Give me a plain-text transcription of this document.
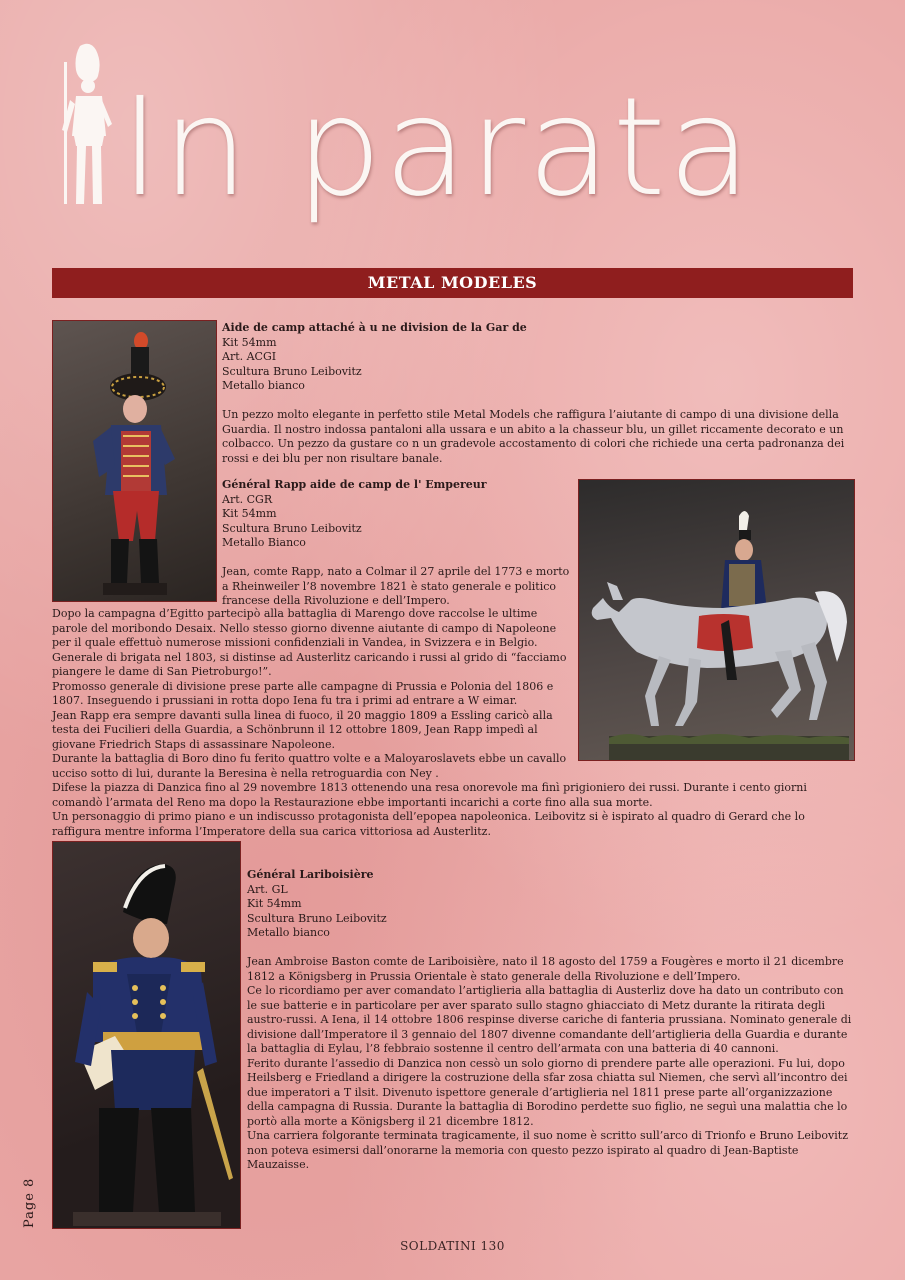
In parata
METAL MODELES

Aide de camp attaché à u ne division de la Gar de

Kit 54mm

Art. ACGI

Scultura Bruno Leibovitz

Metallo bianco

Un pezzo molto elegante in perfetto stile Metal Models che raffigura l’aiutante di campo di una divisione della Guardia. Il nostro indossa pantaloni alla ussara e un abito a la chasseur blu, un gillet riccamente decorato e un colbacco. Un pezzo da gustare co n un gradevole accostamento di colori che richiede una certa padronanza dei rossi e dei blu per non risultare banale.

Général Rapp aide de camp de l' Empereur

Art. CGR

Kit 54mm

Scultura Bruno Leibovitz

Metallo Bianco

Jean, comte Rapp, nato a Colmar il 27 aprile del 1773 e morto a Rheinweiler l’8 novembre 1821 è stato generale e politico francese della Rivoluzione e dell’Impero.

Dopo la campagna d’Egitto partecipò alla battaglia di Marengo dove raccolse le ultime parole del moribondo Desaix. Nello stesso giorno divenne aiutante di campo di Napoleone per il quale effettuò numerose missioni confidenziali in Vandea, in Svizzera e in Belgio.

Generale di brigata nel 1803, si distinse ad Austerlitz caricando i russi al grido di “facciamo piangere le dame di San Pietroburgo!”.

Promosso generale di divisione prese parte alle campagne di Prussia e Polonia del 1806 e 1807. Inseguendo i prussiani in rotta dopo Iena fu tra i primi ad entrare a W eimar.

Jean Rapp era sempre davanti sulla linea di fuoco, il 20 maggio 1809 a Essling caricò alla testa dei Fucilieri della Guardia, a Schönbrunn il 12 ottobre 1809, Jean Rapp impedì al giovane Friedrich Staps di assassinare Napoleone.

Durante la battaglia di Boro dino fu ferito quattro volte e a Maloyaroslavets ebbe un cavallo ucciso sotto di lui, durante la Beresina è nella retroguardia con Ney .

Difese la piazza di Danzica fino al 29 novembre 1813 ottenendo una resa onorevole ma finì prigioniero dei russi. Durante i cento giorni comandò l’armata del Reno ma dopo la Restaurazione ebbe importanti incarichi a corte fino alla sua morte.

Un personaggio di primo piano e un indiscusso protagonista dell’epopea napoleonica. Leibovitz si è ispirato al quadro di Gerard che lo raffigura mentre informa l’Imperatore della sua carica vittoriosa ad Austerlitz.

Général Lariboisière

Art. GL

Kit 54mm

Scultura Bruno Leibovitz

Metallo bianco

Jean Ambroise Baston comte de Lariboisière, nato il 18 agosto del 1759 a Fougères e morto il 21 dicembre 1812 a Königsberg in Prussia Orientale è stato generale della Rivoluzione e dell’Impero.

Ce lo ricordiamo per aver comandato l’artiglieria alla battaglia di Austerliz dove ha dato un contributo con le sue batterie e in particolare per aver sparato sullo stagno ghiacciato di Metz durante la ritirata degli austro-russi. A Iena, il 14 ottobre 1806 respinse diverse cariche di fanteria prussiana. Nominato generale di divisione dall’Imperatore il 3 gennaio del 1807 divenne comandante dell’artiglieria della Guardia e durante la battaglia di Eylau, l’8 febbraio sostenne il centro dell’armata con una batteria di 40 cannoni.

Ferito durante l’assedio di Danzica non cessò un solo giorno di prendere parte alle operazioni. Fu lui, dopo Heilsberg e Friedland a dirigere la costruzione della sfar zosa chiatta sul Niemen, che servì all’incontro dei due imperatori a T ilsit. Divenuto ispettore generale d’artiglieria nel 1811 prese parte all’organizzazione della campagna di Russia. Durante la battaglia di Borodino perdette suo figlio, ne seguì una malattia che lo portò alla morte a Königsberg il 21 dicembre 1812.

Una carriera folgorante terminata tragicamente, il suo nome è scritto sull’arco di Trionfo e Bruno Leibovitz non poteva esimersi dall’onorarne la memoria con questo pezzo ispirato al quadro di Jean-Baptiste Mauzaisse.

Page 8
SOLDATINI 130
